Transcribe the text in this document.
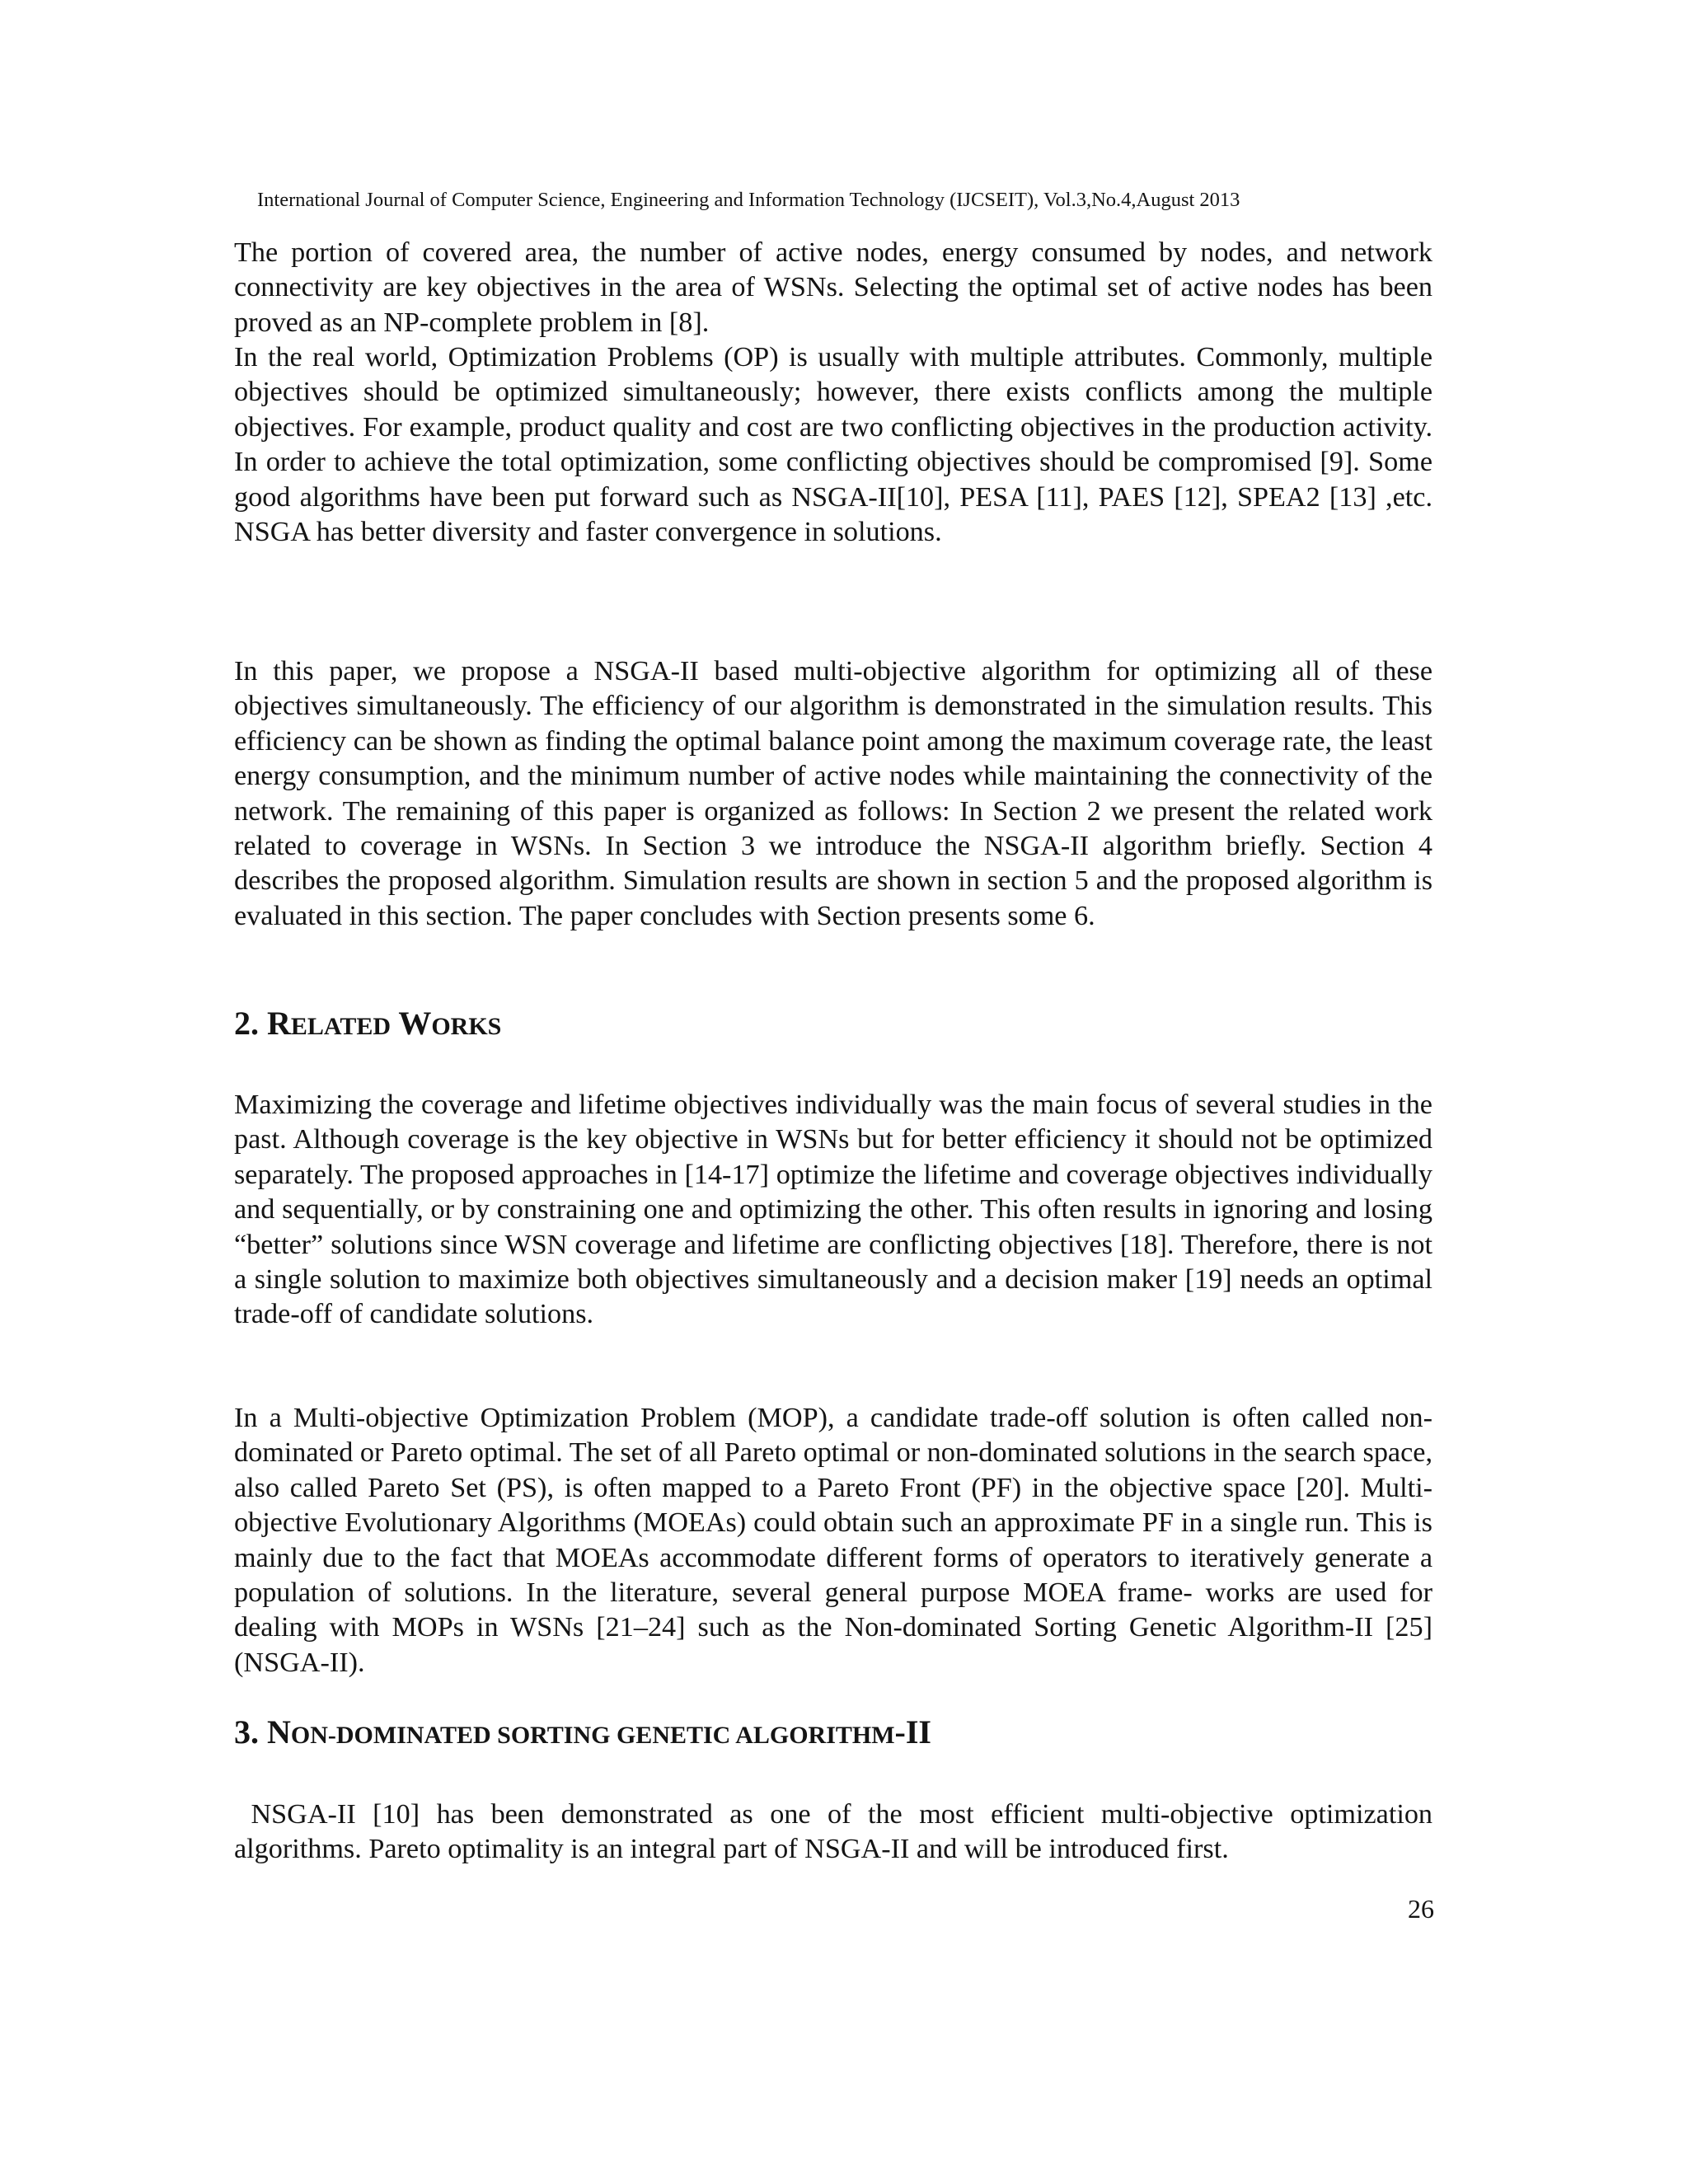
International Journal of Computer Science, Engineering and Information Technology (IJCSEIT), Vol.3,No.4,August 2013

The portion of covered area, the number of active nodes, energy consumed by nodes, and network connectivity are key objectives in the area of WSNs. Selecting the optimal set of active nodes has been proved as an NP-complete problem in [8].

In the real world, Optimization Problems (OP) is usually with multiple attributes. Commonly, multiple objectives should be optimized simultaneously; however, there exists conflicts among the multiple objectives. For example, product quality and cost are two conflicting objectives in the production activity. In order to achieve the total optimization, some conflicting objectives should be compromised [9]. Some good algorithms have been put forward such as NSGA-II[10], PESA [11], PAES [12], SPEA2 [13] ,etc. NSGA has better diversity and faster convergence in solutions.

In this paper, we propose a NSGA-II based multi-objective algorithm for optimizing all of these objectives simultaneously. The efficiency of our algorithm is demonstrated in the simulation results. This efficiency can be shown as finding the optimal balance point among the maximum coverage rate, the least energy consumption, and the minimum number of active nodes while maintaining the connectivity of the network. The remaining of this paper is organized as follows: In Section 2 we present the related work related to coverage in WSNs. In Section 3 we introduce the NSGA-II algorithm briefly. Section 4 describes the proposed algorithm. Simulation results are shown in section 5 and the proposed algorithm is evaluated in this section. The paper concludes with Section presents some 6.

2. RELATED WORKS

Maximizing the coverage and lifetime objectives individually was the main focus of several studies in the past. Although coverage is the key objective in WSNs but for better efficiency it should not be optimized separately. The proposed approaches in [14-17] optimize the lifetime and coverage objectives individually and sequentially, or by constraining one and optimizing the other. This often results in ignoring and losing “better” solutions since WSN coverage and lifetime are conflicting objectives [18]. Therefore, there is not a single solution to maximize both objectives simultaneously and a decision maker [19] needs an optimal trade-off of candidate solutions.

In a Multi-objective Optimization Problem (MOP), a candidate trade-off solution is often called non-dominated or Pareto optimal. The set of all Pareto optimal or non-dominated solutions in the search space, also called Pareto Set (PS), is often mapped to a Pareto Front (PF) in the objective space [20]. Multi-objective Evolutionary Algorithms (MOEAs) could obtain such an approximate PF in a single run. This is mainly due to the fact that MOEAs accommodate different forms of operators to iteratively generate a population of solutions. In the literature, several general purpose MOEA frame- works are used for dealing with MOPs in WSNs [21–24] such as the Non-dominated Sorting Genetic Algorithm-II [25] (NSGA-II).

3. NON-DOMINATED SORTING GENETIC ALGORITHM-II

NSGA-II [10] has been demonstrated as one of the most efficient multi-objective optimization algorithms. Pareto optimality is an integral part of NSGA-II and will be introduced first.

26
